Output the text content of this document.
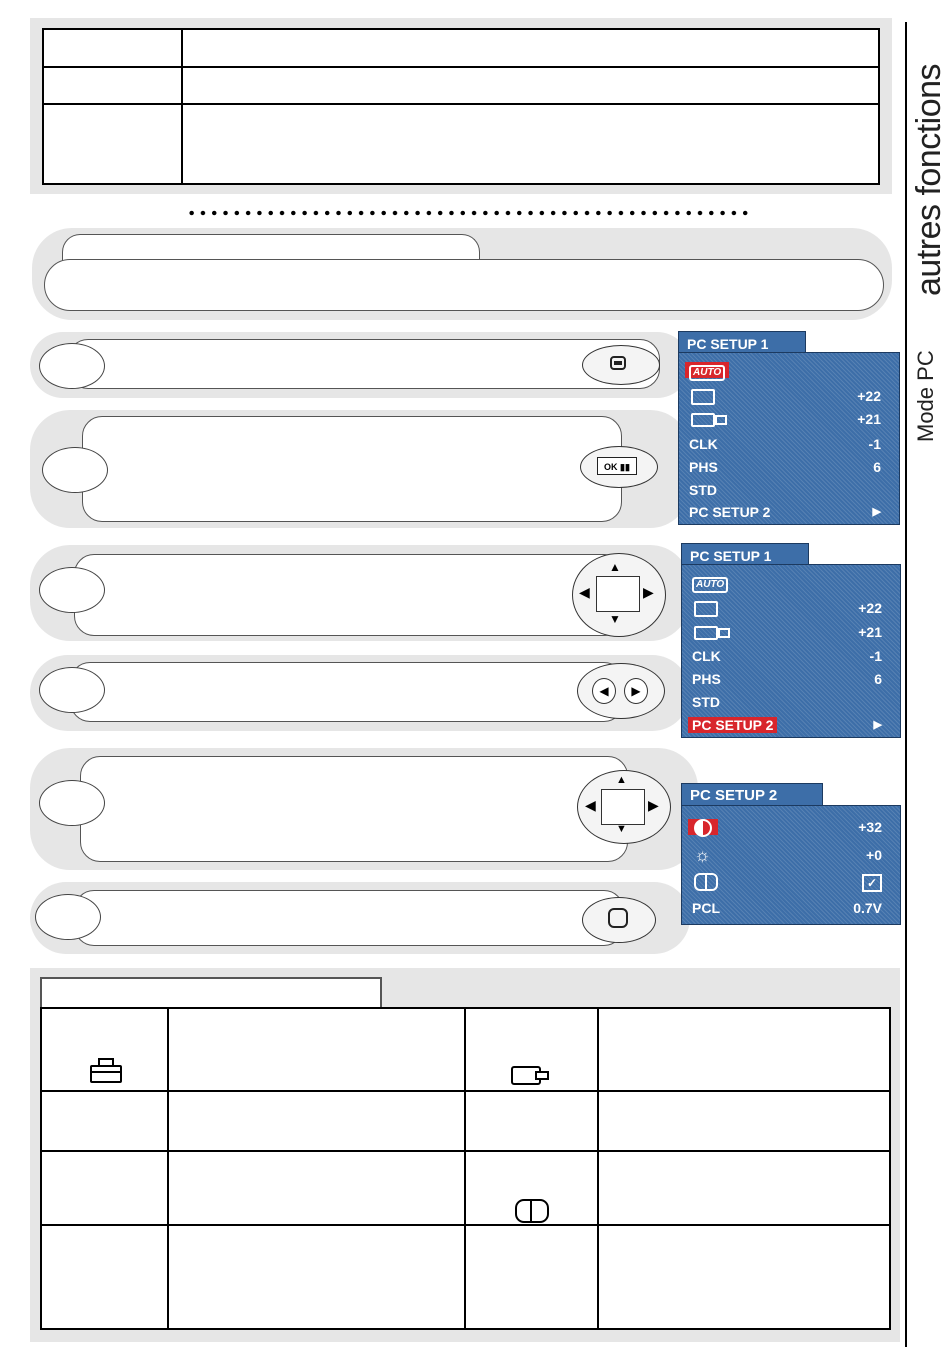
autres fonctions
Mode PC
OK ▮▮
▲
▼
◀	▶
◀	▶
▲
▼
◀	▶
PC SETUP 1
AUTO
+22
+21
CLK	-1
PHS	6
STD
PC SETUP 2	▶
PC SETUP 1
AUTO
+22
+21
CLK	-1
PHS	6
STD
PC SETUP 2	▶
PC SETUP 2
+32
☼	+0
✓
PCL	0.7V
